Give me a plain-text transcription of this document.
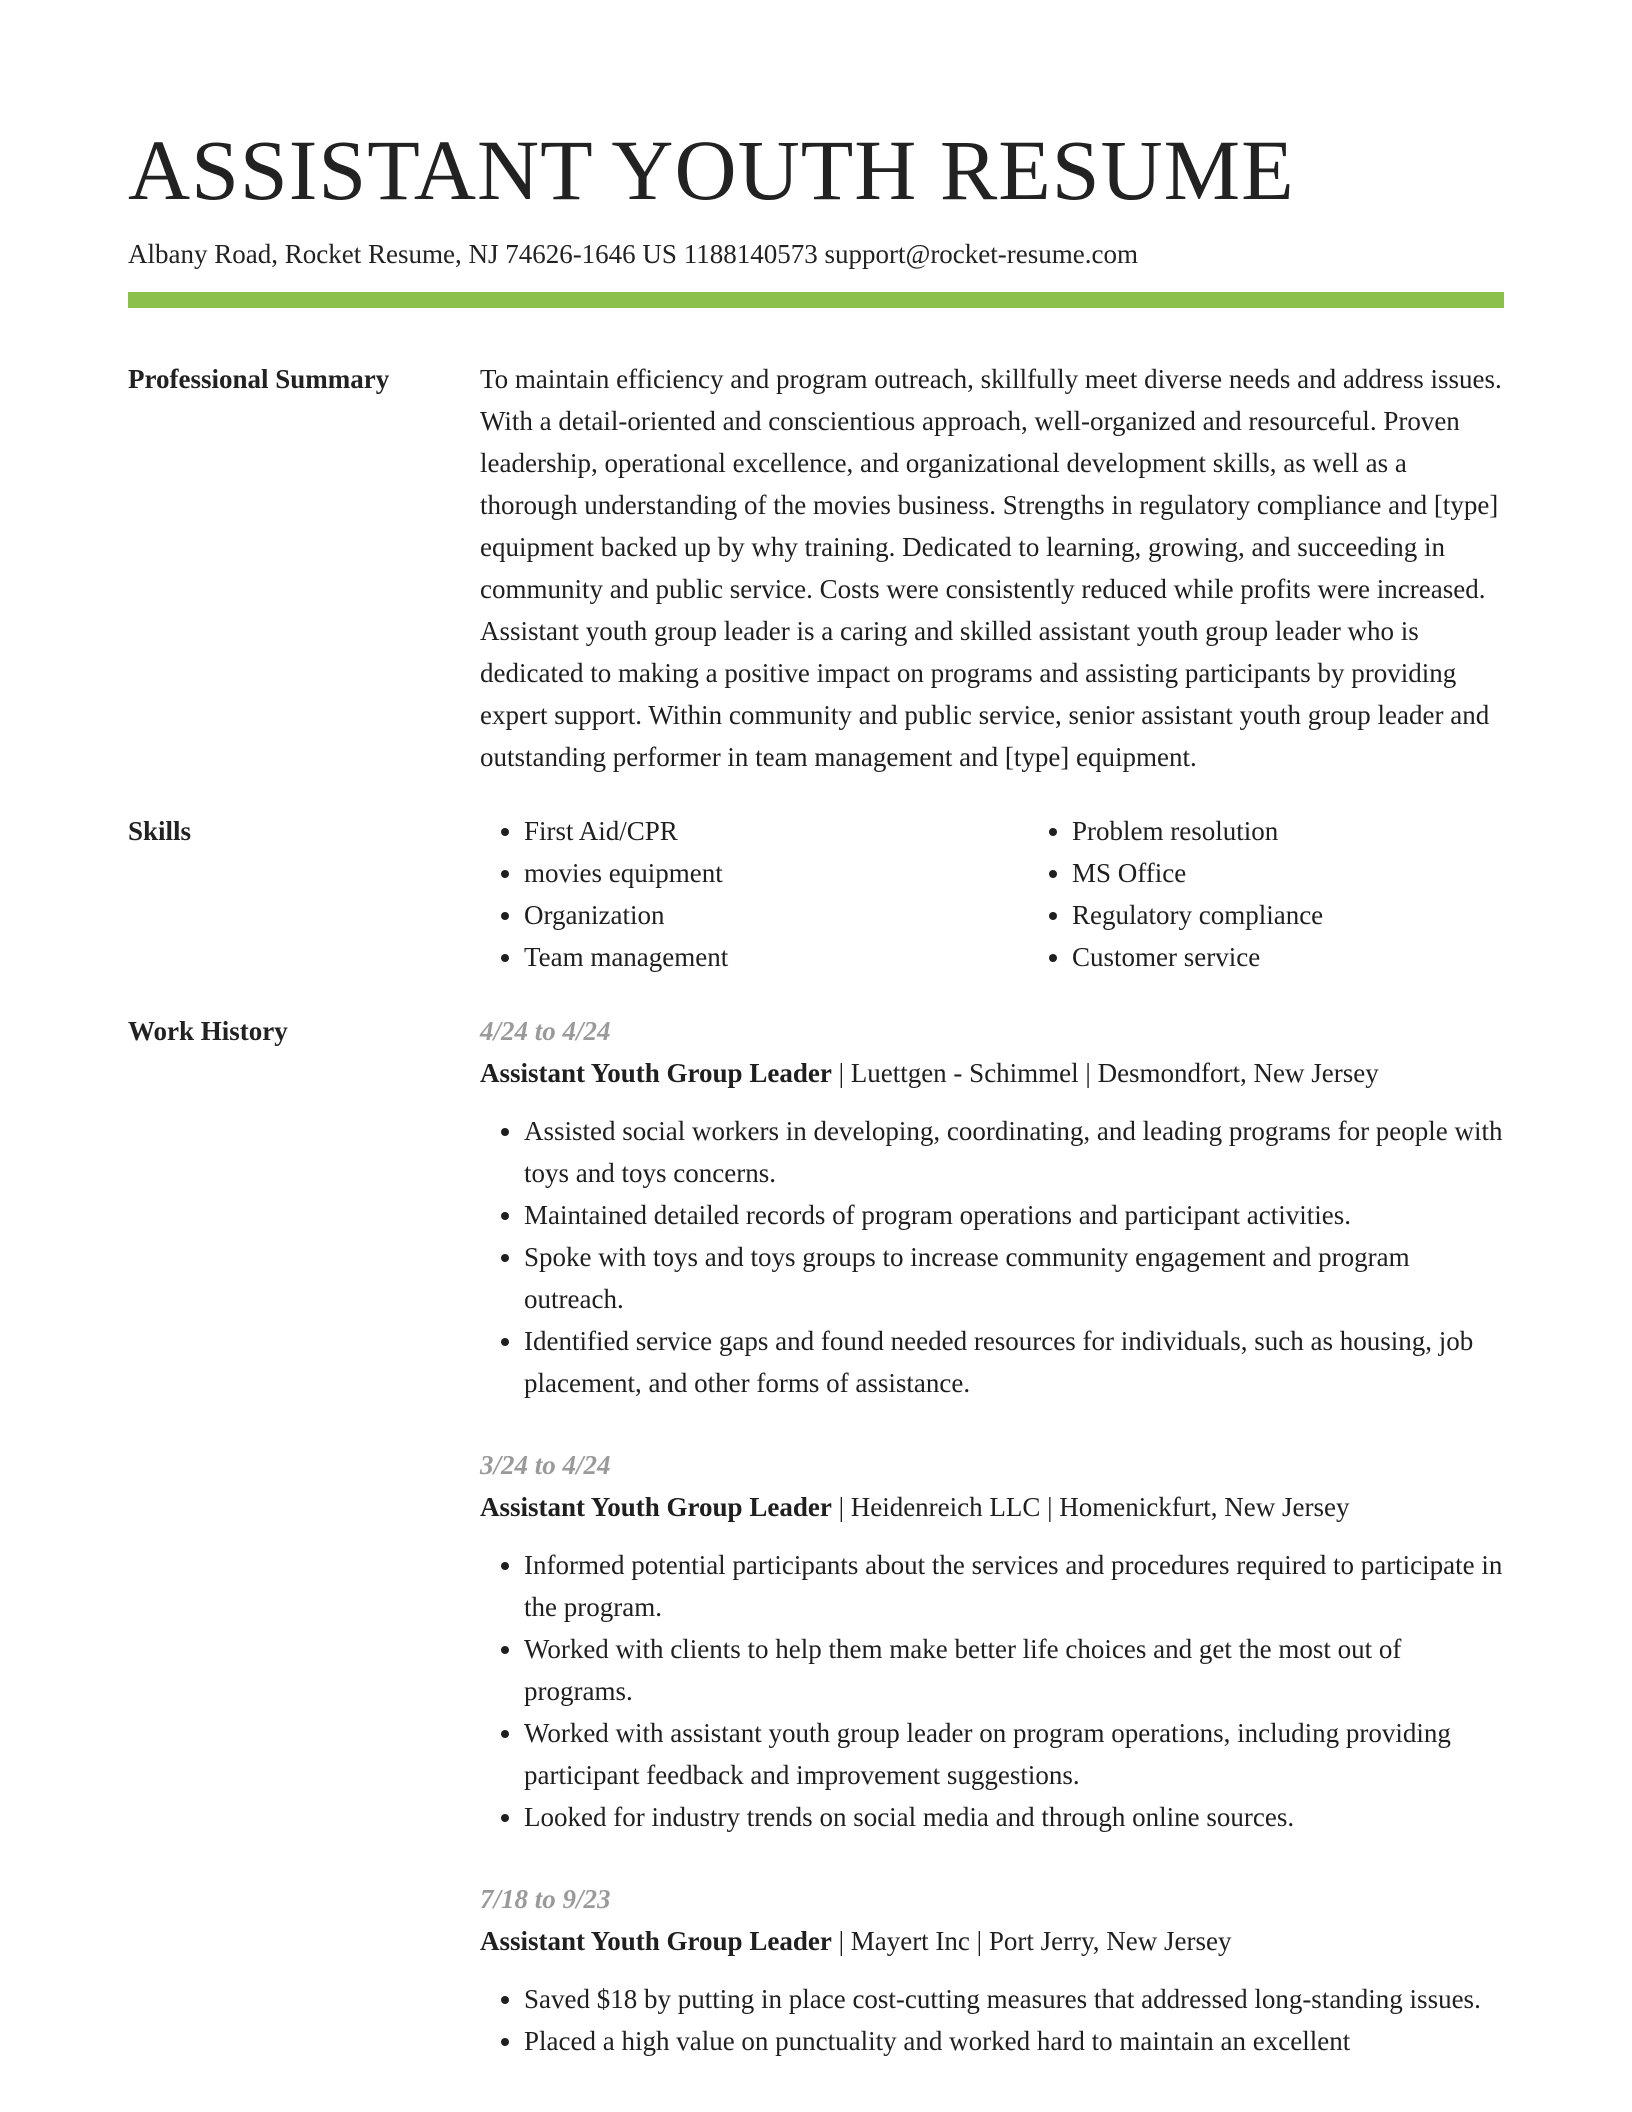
ASSISTANT YOUTH RESUME
Albany Road, Rocket Resume, NJ 74626-1646 US 1188140573 support@rocket-resume.com
Professional Summary	To maintain efficiency and program outreach, skillfully meet diverse needs and address issues. With a detail-oriented and conscientious approach, well-organized and resourceful. Proven leadership, operational excellence, and organizational development skills, as well as a thorough understanding of the movies business. Strengths in regulatory compliance and [type] equipment backed up by why training. Dedicated to learning, growing, and succeeding in community and public service. Costs were consistently reduced while profits were increased. Assistant youth group leader is a caring and skilled assistant youth group leader who is dedicated to making a positive impact on programs and assisting participants by providing expert support. Within community and public service, senior assistant youth group leader and outstanding performer in team management and [type] equipment.
Skills
•	First Aid/CPR
• movies equipment
• Organization
• Team management
• Problem resolution
• MS Office
• Regulatory compliance
• Customer service
Work History	4/24 to 4/24
Assistant Youth Group Leader | Luettgen - Schimmel | Desmondfort, New Jersey
• Assisted social workers in developing, coordinating, and leading programs for people with toys and toys concerns.
• Maintained detailed records of program operations and participant activities.
• Spoke with toys and toys groups to increase community engagement and program outreach.
• Identified service gaps and found needed resources for individuals, such as housing, job placement, and other forms of assistance.
3/24 to 4/24
Assistant Youth Group Leader | Heidenreich LLC | Homenickfurt, New Jersey
• Informed potential participants about the services and procedures required to participate in the program.
• Worked with clients to help them make better life choices and get the most out of programs.
• Worked with assistant youth group leader on program operations, including providing participant feedback and improvement suggestions.
• Looked for industry trends on social media and through online sources.
7/18 to 9/23
Assistant Youth Group Leader | Mayert Inc | Port Jerry, New Jersey
• Saved $18 by putting in place cost-cutting measures that addressed long-standing issues.
• Placed a high value on punctuality and worked hard to maintain an excellent
